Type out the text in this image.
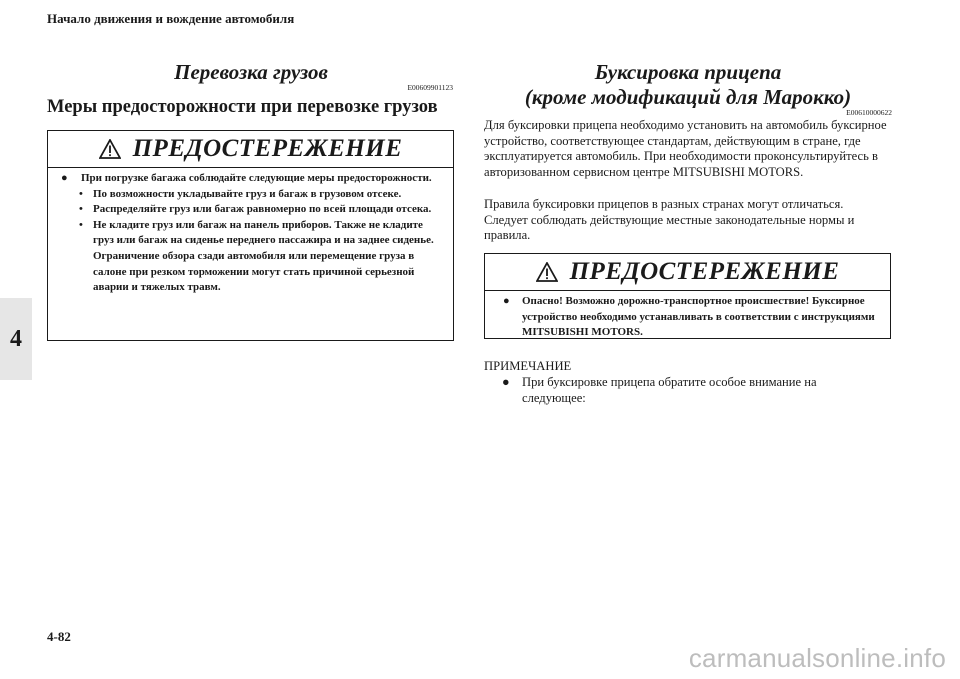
Начало движения и вождение автомобиля
4
Перевозка грузов
E00609901123
Меры предосторожности при перевозке грузов
ПРЕДОСТЕРЕЖЕНИЕ
●	При погрузке багажа соблюдайте следующие меры предосторожности.
• По возможности укладывайте груз и багаж в грузовом отсеке.
• Распределяйте груз или багаж равномерно по всей площади отсека.
• Не кладите груз или багаж на панель приборов. Также не кладите груз или багаж на сиденье переднего пассажира и на заднее сиденье. Ограничение обзора сзади автомобиля или перемещение груза в салоне при резком торможении могут стать причиной серьезной аварии и тяжелых травм.
Буксировка прицепа
(кроме модификаций для Марокко)
E00610000622
Для буксировки прицепа необходимо установить на автомобиль буксирное устройство, соответствующее стандартам, действующим в стране, где эксплуатируется автомобиль. При необходимости проконсультируйтесь в авторизованном сервисном центре MITSUBISHI MOTORS.
Правила буксировки прицепов в разных странах могут отличаться. Следует соблюдать действующие местные законодательные нормы и правила.
ПРЕДОСТЕРЕЖЕНИЕ
●	Опасно! Возможно дорожно-транспортное происшествие! Буксирное устройство необходимо устанавливать в соответствии с инструкциями MITSUBISHI MOTORS.
ПРИМЕЧАНИЕ
● При буксировке прицепа обратите особое внимание на следующее:
4-82
carmanualsonline.info
